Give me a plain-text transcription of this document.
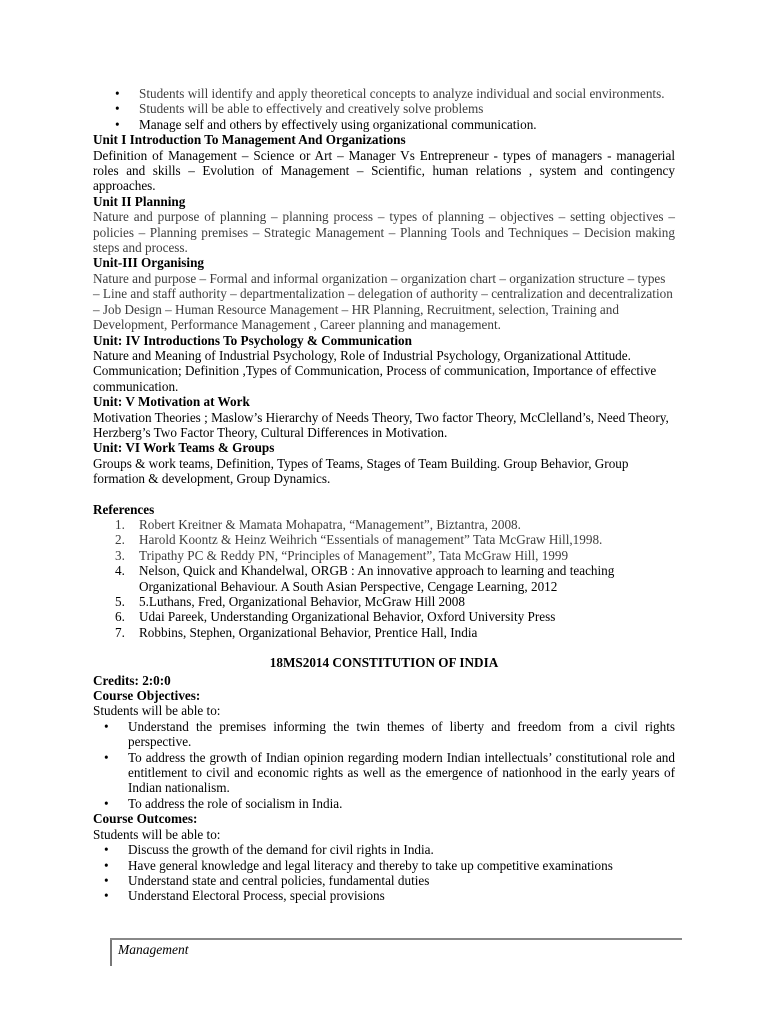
• Students will identify and apply theoretical concepts to analyze individual and social environments.
• Students will be able to effectively and creatively solve problems
• Manage self and others by effectively using organizational communication.
Unit I Introduction To Management And Organizations
Definition of Management – Science or Art – Manager Vs Entrepreneur - types of managers - managerial roles and skills – Evolution of Management – Scientific, human relations , system and contingency approaches.
Unit II Planning
Nature and purpose of planning – planning process – types of planning – objectives – setting objectives – policies – Planning premises – Strategic Management – Planning Tools and Techniques – Decision making steps and process.
Unit-III Organising
Nature and purpose – Formal and informal organization – organization chart – organization structure – types – Line and staff authority – departmentalization – delegation of authority – centralization and decentralization – Job Design – Human Resource Management – HR Planning, Recruitment, selection, Training and Development, Performance Management , Career planning and management.
Unit: IV Introductions To Psychology & Communication
Nature and Meaning of Industrial Psychology, Role of Industrial Psychology, Organizational Attitude. Communication; Definition ,Types of Communication, Process of communication, Importance of effective communication.
Unit: V Motivation at Work
Motivation Theories ; Maslow’s Hierarchy of Needs Theory, Two factor Theory, McClelland’s, Need Theory, Herzberg’s Two Factor Theory, Cultural Differences in Motivation.
Unit: VI Work Teams & Groups
Groups & work teams, Definition, Types of Teams, Stages of Team Building. Group Behavior, Group formation & development, Group Dynamics.
References
1. Robert Kreitner & Mamata Mohapatra, “Management”, Biztantra, 2008.
2. Harold Koontz & Heinz Weihrich “Essentials of management” Tata McGraw Hill,1998.
3. Tripathy PC & Reddy PN, “Principles of Management”, Tata McGraw Hill, 1999
4. Nelson, Quick and Khandelwal, ORGB : An innovative approach to learning and teaching Organizational Behaviour. A South Asian Perspective, Cengage Learning, 2012
5. 5.Luthans, Fred, Organizational Behavior, McGraw Hill 2008
6. Udai Pareek, Understanding Organizational Behavior, Oxford University Press
7. Robbins, Stephen, Organizational Behavior, Prentice Hall, India
18MS2014 CONSTITUTION OF INDIA
Credits: 2:0:0
Course Objectives:
Students will be able to:
• Understand the premises informing the twin themes of liberty and freedom from a civil rights perspective.
• To address the growth of Indian opinion regarding modern Indian intellectuals’ constitutional role and entitlement to civil and economic rights as well as the emergence of nationhood in the early years of Indian nationalism.
• To address the role of socialism in India.
Course Outcomes:
Students will be able to:
• Discuss the growth of the demand for civil rights in India.
• Have general knowledge and legal literacy and thereby to take up competitive examinations
• Understand state and central policies, fundamental duties
• Understand Electoral Process, special provisions
Management
